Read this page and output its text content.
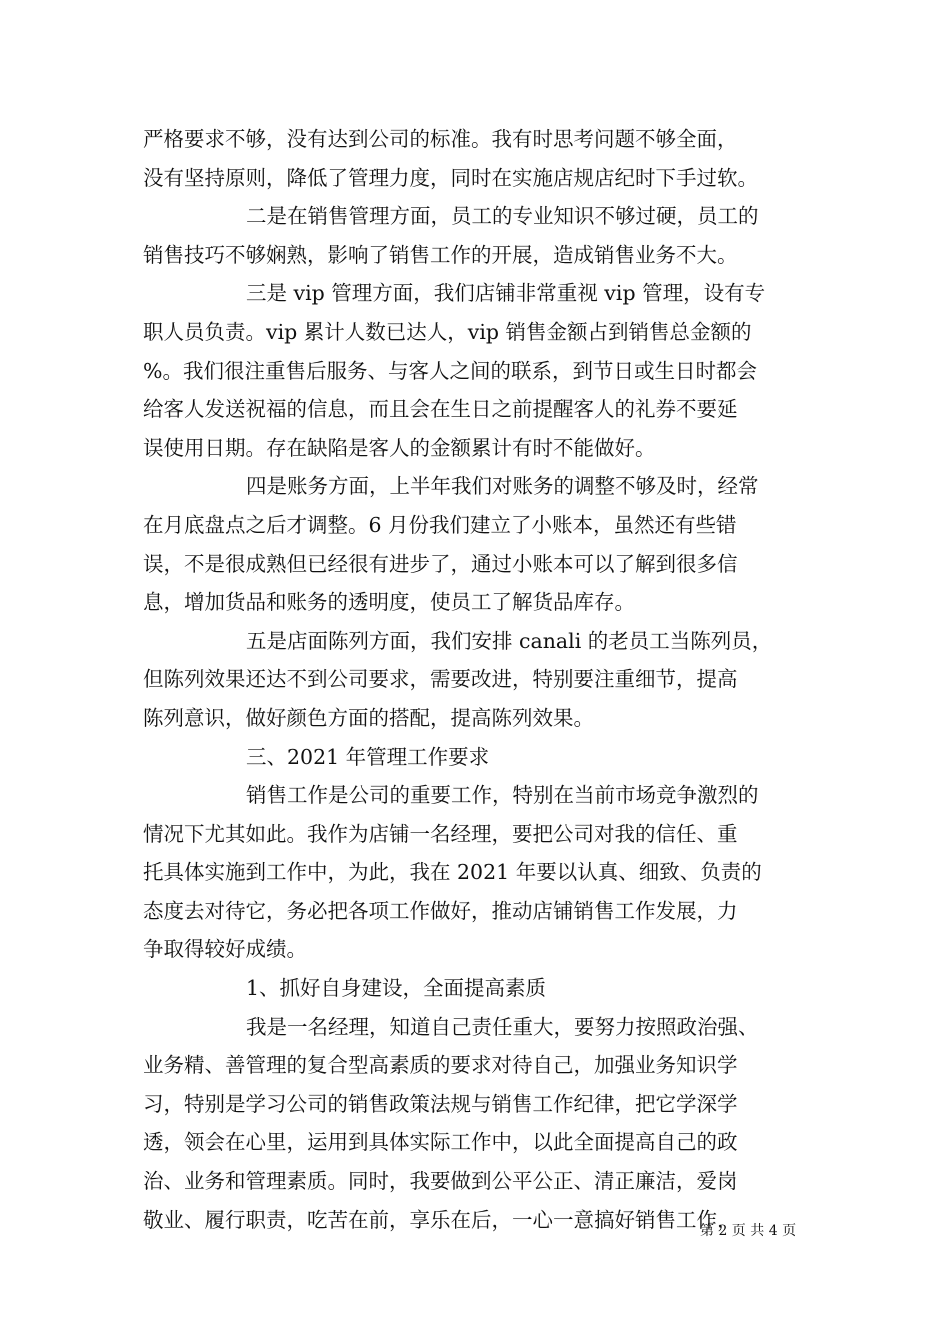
严格要求不够，没有达到公司的标准。我有时思考问题不够全面，
没有坚持原则，降低了管理力度，同时在实施店规店纪时下手过软。
二是在销售管理方面，员工的专业知识不够过硬，员工的
销售技巧不够娴熟，影响了销售工作的开展，造成销售业务不大。
三是 vip 管理方面，我们店铺非常重视 vip 管理，设有专
职人员负责。vip 累计人数已达人，vip 销售金额占到销售总金额的
%。我们很注重售后服务、与客人之间的联系，到节日或生日时都会
给客人发送祝福的信息，而且会在生日之前提醒客人的礼券不要延
误使用日期。存在缺陷是客人的金额累计有时不能做好。
四是账务方面，上半年我们对账务的调整不够及时，经常
在月底盘点之后才调整。6 月份我们建立了小账本，虽然还有些错
误，不是很成熟但已经很有进步了，通过小账本可以了解到很多信
息，增加货品和账务的透明度，使员工了解货品库存。
五是店面陈列方面，我们安排 canali 的老员工当陈列员，
但陈列效果还达不到公司要求，需要改进，特别要注重细节，提高
陈列意识，做好颜色方面的搭配，提高陈列效果。
三、2021 年管理工作要求
销售工作是公司的重要工作，特别在当前市场竞争激烈的
情况下尤其如此。我作为店铺一名经理，要把公司对我的信任、重
托具体实施到工作中，为此，我在 2021 年要以认真、细致、负责的
态度去对待它，务必把各项工作做好，推动店铺销售工作发展，力
争取得较好成绩。
1、抓好自身建设，全面提高素质
我是一名经理，知道自己责任重大，要努力按照政治强、
业务精、善管理的复合型高素质的要求对待自己，加强业务知识学
习，特别是学习公司的销售政策法规与销售工作纪律，把它学深学
透，领会在心里，运用到具体实际工作中，以此全面提高自己的政
治、业务和管理素质。同时，我要做到公平公正、清正廉洁，爱岗
敬业、履行职责，吃苦在前，享乐在后，一心一意搞好销售工作，
第 2 页 共 4 页
